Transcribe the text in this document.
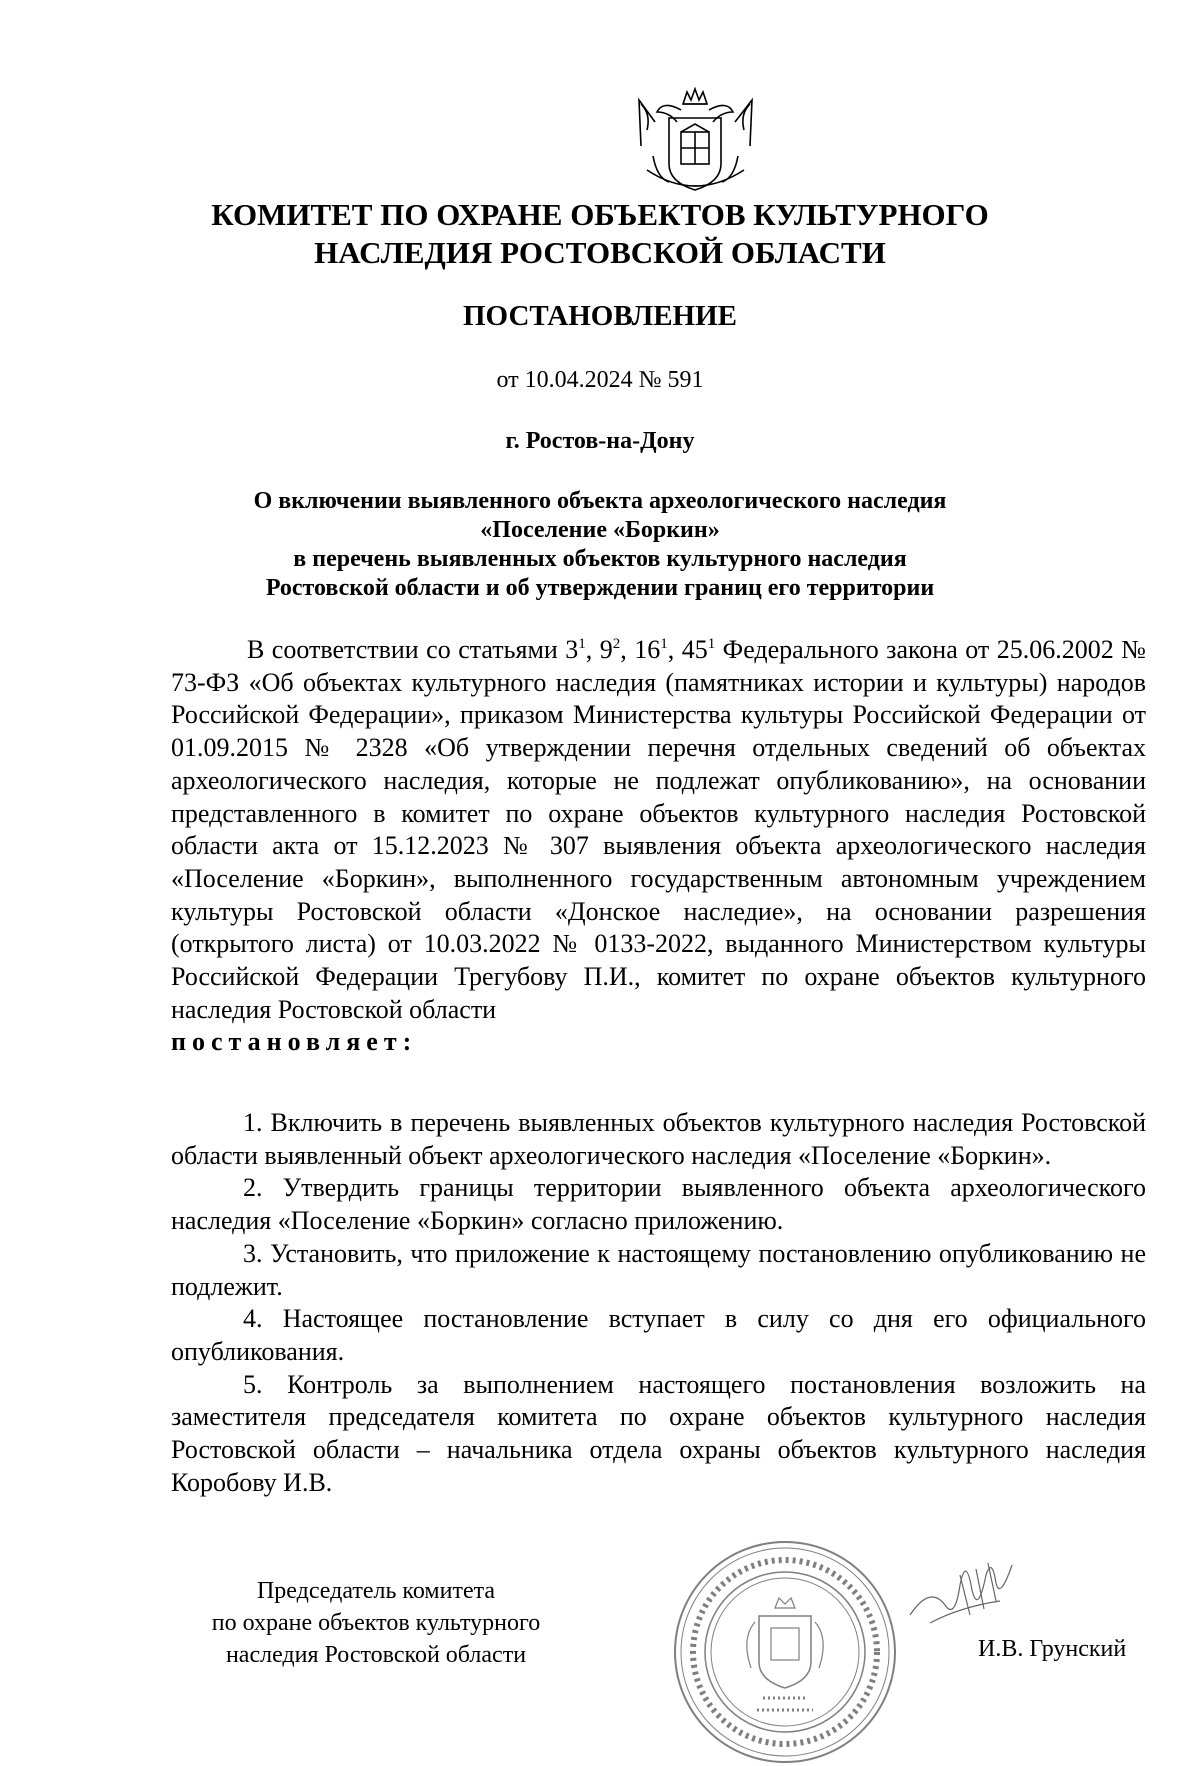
КОМИТЕТ ПО ОХРАНЕ ОБЪЕКТОВ КУЛЬТУРНОГО
НАСЛЕДИЯ РОСТОВСКОЙ ОБЛАСТИ
ПОСТАНОВЛЕНИЕ
от 10.04.2024 № 591
г. Ростов-на-Дону
О включении выявленного объекта археологического наследия
«Поселение «Боркин»
в перечень выявленных объектов культурного наследия
Ростовской области и об утверждении границ его территории

В соответствии со статьями $3^1$, $9^2$, $16^1$, $45^1$ Федерального закона от 25.06.2002 № 73-ФЗ «Об объектах культурного наследия (памятниках истории и культуры) народов Российской Федерации», приказом Министерства культуры Российской Федерации от 01.09.2015 № 2328 «Об утверждении перечня отдельных сведений об объектах археологического наследия, которые не подлежат опубликованию», на основании представленного в комитет по охране объектов культурного наследия Ростовской области акта от 15.12.2023 № 307 выявления объекта археологического наследия «Поселение «Боркин», выполненного государственным автономным учреждением культуры Ростовской области «Донское наследие», на основании разрешения (открытого листа) от 10.03.2022 № 0133-2022, выданного Министерством культуры Российской Федерации Трегубову П.И., комитет по охране объектов культурного наследия Ростовской области

постановляет:

1. Включить в перечень выявленных объектов культурного наследия Ростовской области выявленный объект археологического наследия «Поселение «Боркин».

2. Утвердить границы территории выявленного объекта археологического наследия «Поселение «Боркин» согласно приложению.

3. Установить, что приложение к настоящему постановлению опубликованию не подлежит.

4. Настоящее постановление вступает в силу со дня его официального опубликования.

5. Контроль за выполнением настоящего постановления возложить на заместителя председателя комитета по охране объектов культурного наследия Ростовской области – начальника отдела охраны объектов культурного наследия Коробову И.В.

Председатель комитета
по охране объектов культурного
наследия Ростовской области	И.В. Грунский
